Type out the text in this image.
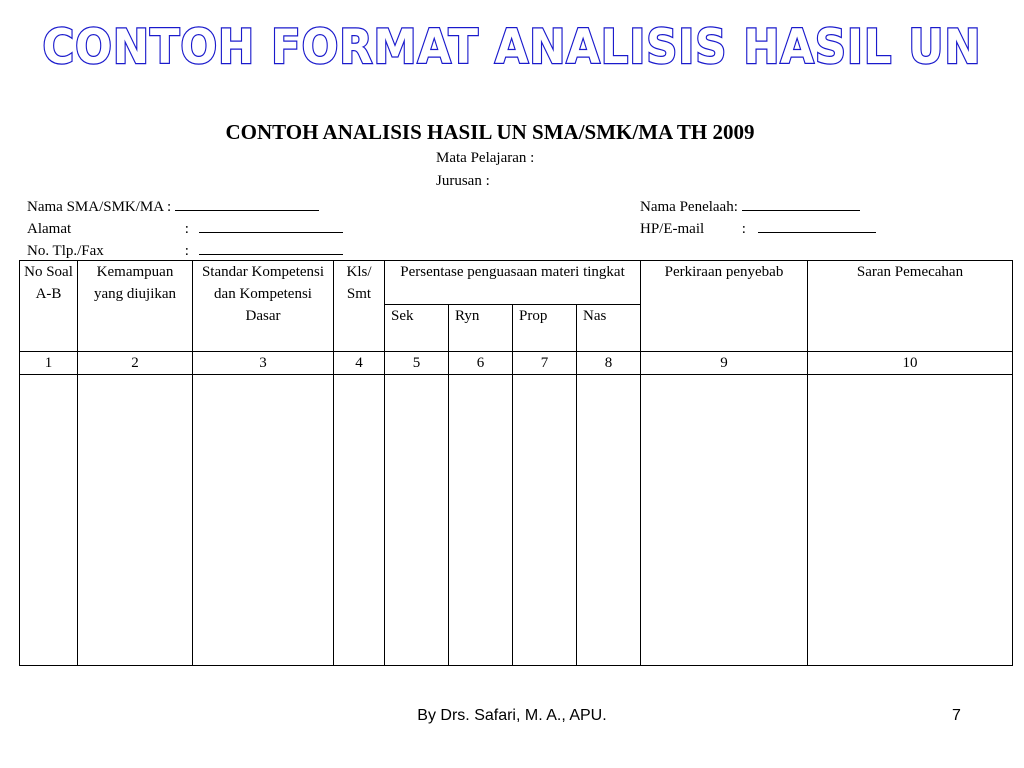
CONTOH FORMAT ANALISIS HASIL UN
CONTOH ANALISIS HASIL UN SMA/SMK/MA TH 2009
Mata Pelajaran :
Jurusan :
Nama SMA/SMK/MA :
Alamat	:
No. Tlp./Fax	:
Nama Penelaah:
HP/E-mail	:
No Soal A-B	Kemampuan yang diujikan	Standar Kompetensi dan Kompetensi Dasar	Kls/ Smt	Persentase penguasaan materi tingkat				Perkiraan penyebab	Saran Pemecahan
				Sek	Ryn	Prop	Nas		
1	2	3	4	5	6	7	8	9	10

By Drs. Safari, M. A., APU.	7
